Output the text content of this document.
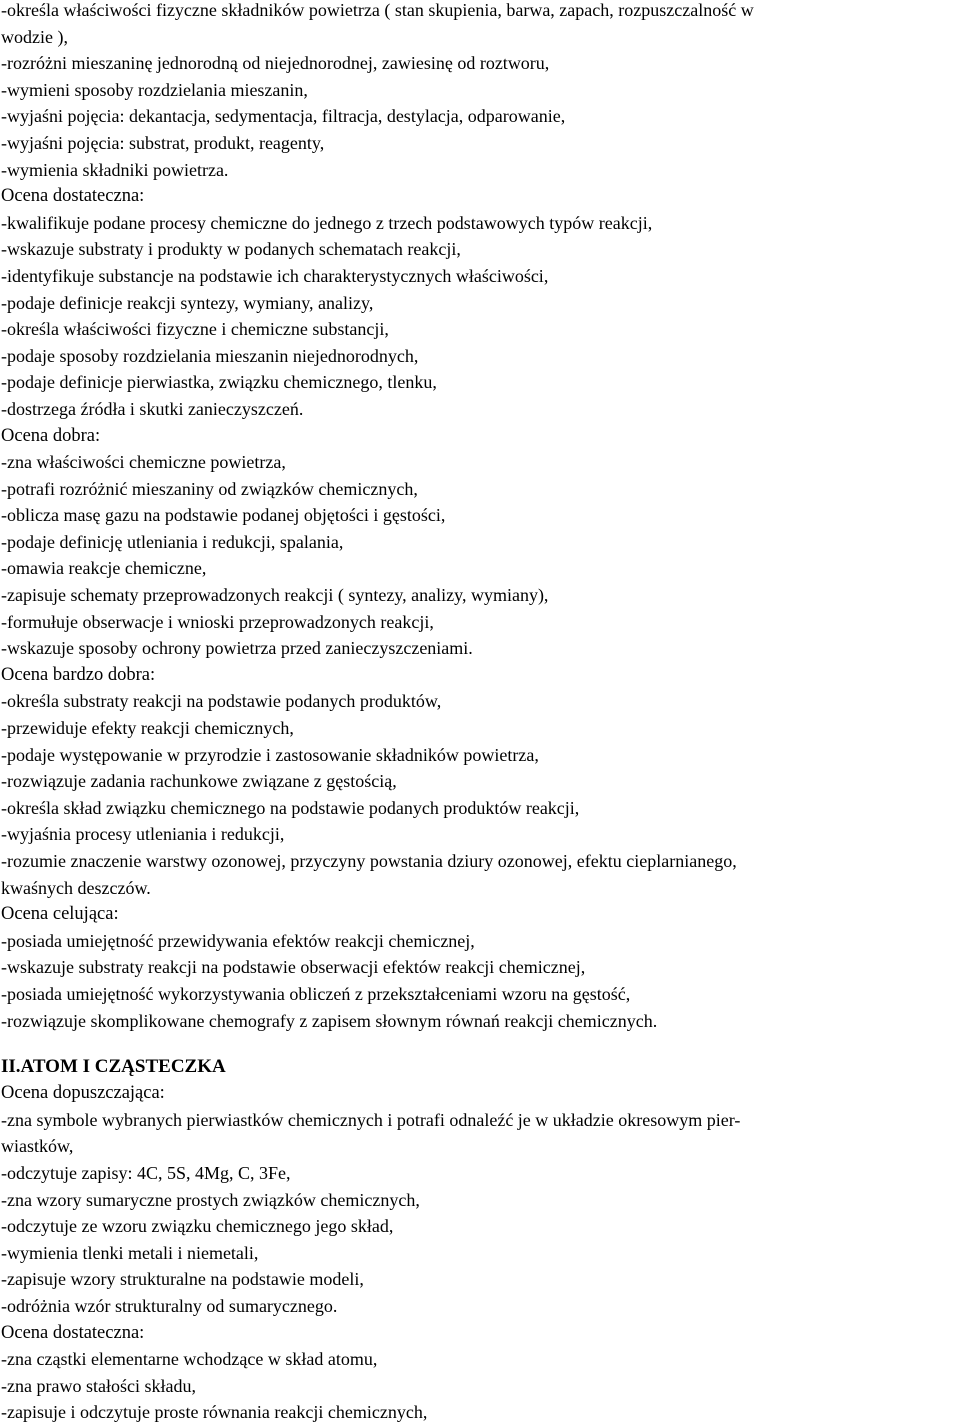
-określa właściwości fizyczne składników powietrza ( stan skupienia, barwa, zapach, rozpuszczalność w
wodzie ),
-rozróżni mieszaninę jednorodną od niejednorodnej, zawiesinę od roztworu,
-wymieni sposoby rozdzielania mieszanin,
-wyjaśni pojęcia: dekantacja, sedymentacja, filtracja, destylacja, odparowanie,
-wyjaśni pojęcia: substrat, produkt, reagenty,
-wymienia składniki powietrza.
Ocena dostateczna:
-kwalifikuje podane procesy chemiczne do jednego z trzech podstawowych typów reakcji,
-wskazuje substraty i produkty w podanych schematach reakcji,
-identyfikuje substancje na podstawie ich charakterystycznych właściwości,
-podaje definicje reakcji syntezy, wymiany, analizy,
-określa właściwości fizyczne i chemiczne substancji,
-podaje sposoby rozdzielania mieszanin niejednorodnych,
-podaje definicje pierwiastka, związku chemicznego, tlenku,
-dostrzega źródła i skutki zanieczyszczeń.
Ocena dobra:
-zna właściwości chemiczne powietrza,
-potrafi rozróżnić mieszaniny od związków chemicznych,
-oblicza masę gazu na podstawie podanej objętości i gęstości,
-podaje definicję utleniania i redukcji, spalania,
-omawia reakcje chemiczne,
-zapisuje schematy przeprowadzonych reakcji ( syntezy, analizy, wymiany),
-formułuje obserwacje i wnioski przeprowadzonych reakcji,
-wskazuje sposoby ochrony powietrza przed zanieczyszczeniami.
Ocena bardzo dobra:
-określa substraty reakcji na podstawie podanych produktów,
-przewiduje efekty reakcji chemicznych,
-podaje występowanie w przyrodzie i zastosowanie składników powietrza,
-rozwiązuje zadania rachunkowe związane z gęstością,
-określa skład związku chemicznego na podstawie podanych produktów reakcji,
-wyjaśnia procesy utleniania i redukcji,
-rozumie znaczenie warstwy ozonowej, przyczyny powstania dziury ozonowej, efektu cieplarnianego,
kwaśnych deszczów.
Ocena celująca:
-posiada umiejętność przewidywania efektów reakcji chemicznej,
-wskazuje substraty reakcji na podstawie obserwacji efektów reakcji chemicznej,
-posiada umiejętność wykorzystywania obliczeń z przekształceniami wzoru na gęstość,
-rozwiązuje skomplikowane chemografy z zapisem słownym równań reakcji chemicznych.
II.ATOM I CZĄSTECZKA
Ocena dopuszczająca:
-zna symbole wybranych pierwiastków chemicznych i potrafi odnaleźć je w układzie okresowym pier-
wiastków,
-odczytuje zapisy: 4C, 5S, 4Mg, C, 3Fe,
-zna wzory sumaryczne prostych związków chemicznych,
-odczytuje ze wzoru związku chemicznego jego skład,
-wymienia tlenki metali i niemetali,
-zapisuje wzory strukturalne na podstawie modeli,
-odróżnia wzór strukturalny od sumarycznego.
Ocena dostateczna:
-zna cząstki elementarne wchodzące w skład atomu,
-zna prawo stałości składu,
-zapisuje i odczytuje proste równania reakcji chemicznych,
